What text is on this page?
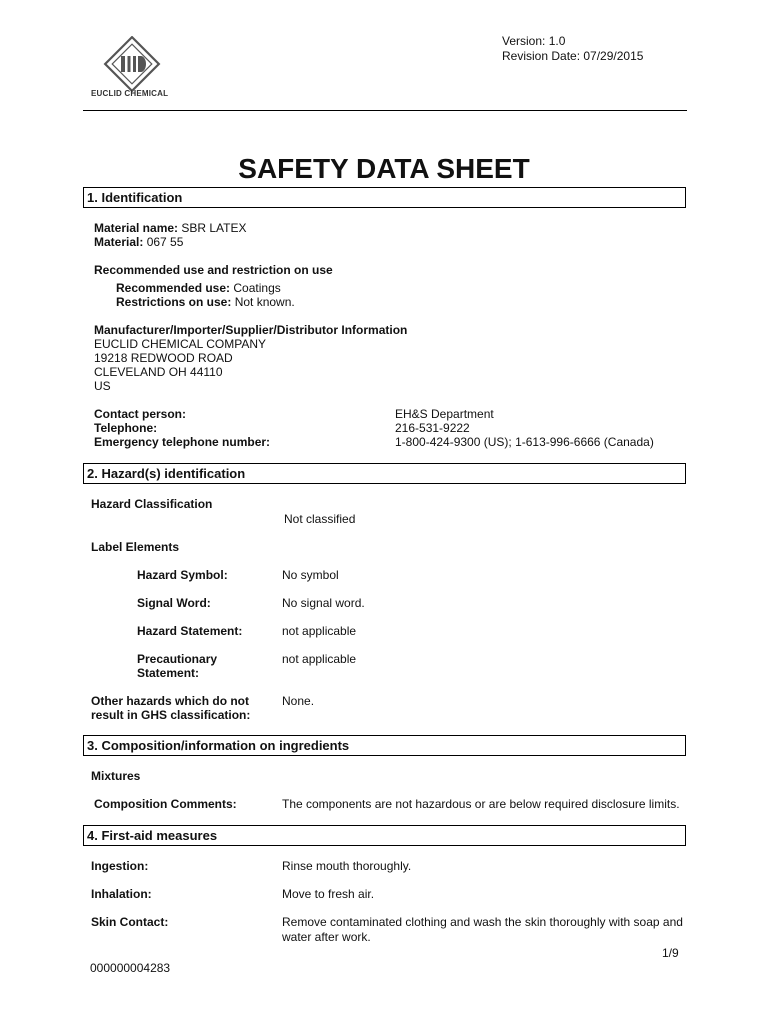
EUCLID CHEMICAL
Version: 1.0
Revision Date: 07/29/2015
SAFETY DATA SHEET
1. Identification
Material name: SBR LATEX
Material: 067 55
Recommended use and restriction on use
Recommended use: Coatings
Restrictions on use: Not known.
Manufacturer/Importer/Supplier/Distributor Information
EUCLID CHEMICAL COMPANY
19218 REDWOOD ROAD
CLEVELAND OH 44110
US
Contact person:	EH&S Department
Telephone:	216-531-9222
Emergency telephone number:	1-800-424-9300 (US); 1-613-996-6666 (Canada)
2. Hazard(s) identification
Hazard Classification
Not classified
Label Elements
Hazard Symbol:	No symbol
Signal Word:	No signal word.
Hazard Statement:	not applicable
Precautionary
Statement:
not applicable
Other hazards which do not
result in GHS classification:
None.
3. Composition/information on ingredients
Mixtures
Composition Comments:	The components are not hazardous or are below required disclosure limits.
4. First-aid measures
Ingestion:	Rinse mouth thoroughly.
Inhalation:	Move to fresh air.
Skin Contact:	Remove contaminated clothing and wash the skin thoroughly with soap and
water after work.
1/9
000000004283
